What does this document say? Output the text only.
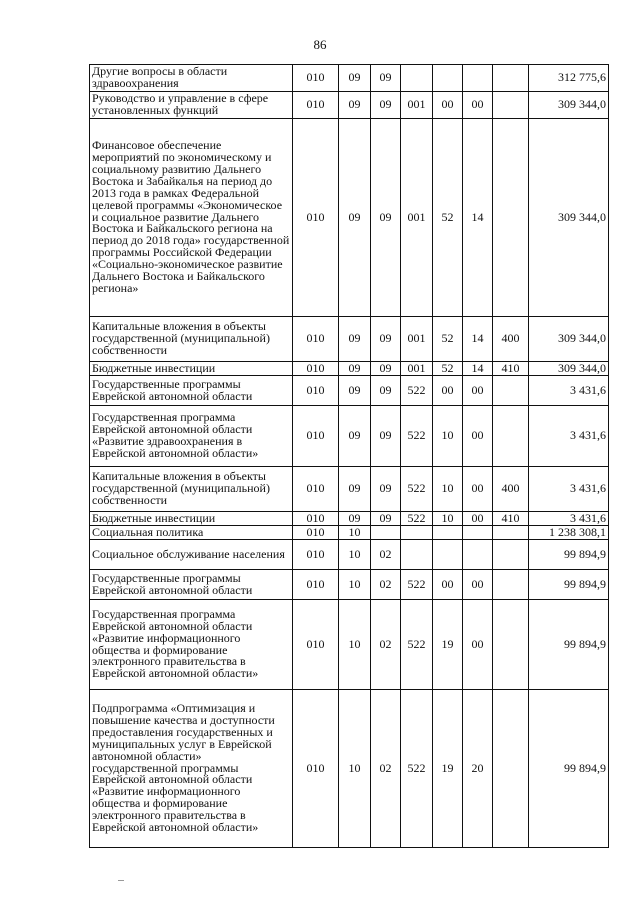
86
Другие вопросы в области здравоохранения	010	09	09					312 775,6
Руководство и управление в сфере установленных функций	010	09	09	001	00	00		309 344,0
Финансовое обеспечение мероприятий по экономическому и социальному развитию Дальнего Востока и Забайкалья на период до 2013 года в рамках Федеральной целевой программы «Экономическое и социальное развитие Дальнего Востока и Байкальского региона на период до 2018 года» государственной программы Российской Федерации «Социально-экономическое развитие Дальнего Востока и Байкальского региона»	010	09	09	001	52	14		309 344,0
Капитальные вложения в объекты государственной (муниципальной) собственности	010	09	09	001	52	14	400	309 344,0
Бюджетные инвестиции	010	09	09	001	52	14	410	309 344,0
Государственные программы Еврейской автономной области	010	09	09	522	00	00		3 431,6
Государственная программа Еврейской автономной области «Развитие здравоохранения в Еврейской автономной области»	010	09	09	522	10	00		3 431,6
Капитальные вложения в объекты государственной (муниципальной) собственности	010	09	09	522	10	00	400	3 431,6
Бюджетные инвестиции	010	09	09	522	10	00	410	3 431,6
Социальная политика	010	10						1 238 308,1
Социальное обслуживание населения	010	10	02					99 894,9
Государственные программы Еврейской автономной области	010	10	02	522	00	00		99 894,9
Государственная программа Еврейской автономной области «Развитие информационного общества и формирование электронного правительства в Еврейской автономной области»	010	10	02	522	19	00		99 894,9
Подпрограмма «Оптимизация и повышение качества и доступности предоставления государственных и муниципальных услуг в Еврейской автономной области» государственной программы Еврейской автономной области «Развитие информационного общества и формирование электронного правительства в Еврейской автономной области»	010	10	02	522	19	20		99 894,9
